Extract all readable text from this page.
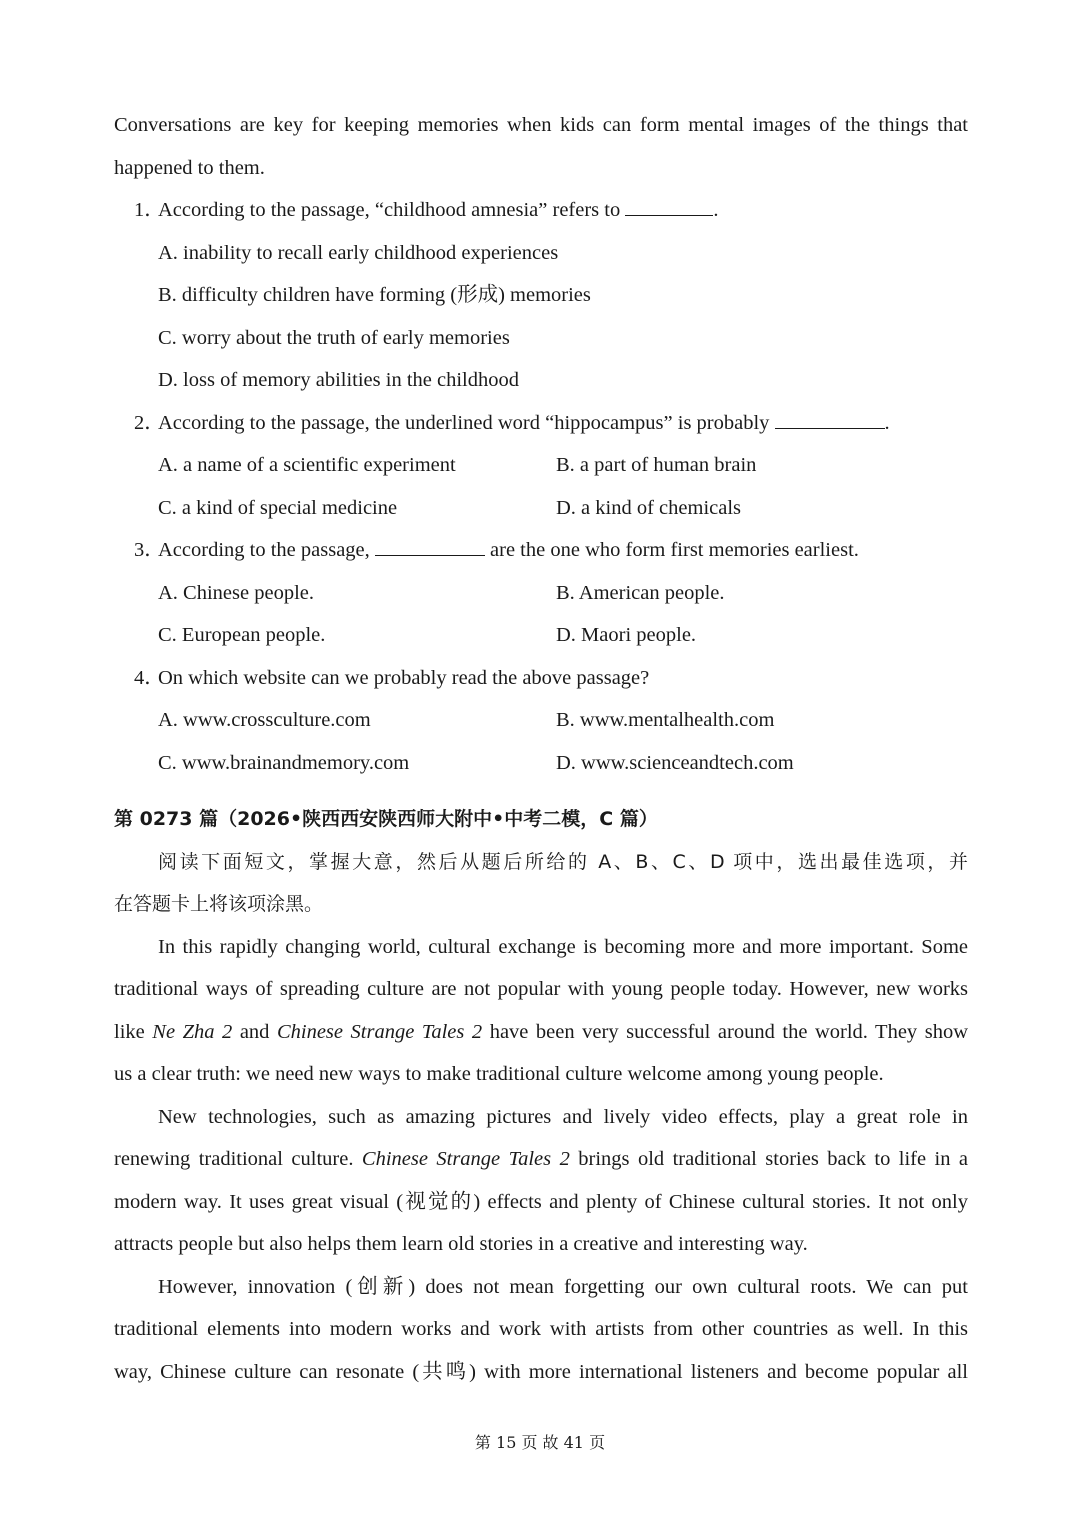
Conversations are key for keeping memories when kids can form mental images of the things that
happened to them.
1．
According to the passage, “childhood amnesia” refers to	.
A. inability to recall early childhood experiences
B. difficulty children have forming (形成) memories
C. worry about the truth of early memories
D. loss of memory abilities in the childhood
2．
According to the passage, the underlined word “hippocampus” is probably	.
A. a name of a scientific experiment	B. a part of human brain
C. a kind of special medicine	D. a kind of chemicals
3．
According to the passage,	are the one who form first memories earliest.
A. Chinese people.	B. American people.
C. European people.	D. Maori people.
4．
On which website can we probably read the above passage?
A. www.crossculture.com	B. www.mentalhealth.com
C. www.brainandmemory.com	D. www.scienceandtech.com
第 0273 篇（2026•陕西西安陕西师大附中•中考二模，C 篇）
阅读下面短文，掌握大意，然后从题后所给的 A、B、C、D 项中，选出最佳选项，并
在答题卡上将该项涂黑。
In this rapidly changing world, cultural exchange is becoming more and more important. Some
traditional ways of spreading culture are not popular with young people today. However, new works
like Ne Zha 2 and Chinese Strange Tales 2 have been very successful around the world. They show
us a clear truth: we need new ways to make traditional culture welcome among young people.
New technologies, such as amazing pictures and lively video effects, play a great role in
renewing traditional culture. Chinese Strange Tales 2 brings old traditional stories back to life in a
modern way. It uses great visual (视觉的) effects and plenty of Chinese cultural stories. It not only
attracts people but also helps them learn old stories in a creative and interesting way.
However, innovation (创新) does not mean forgetting our own cultural roots. We can put
traditional elements into modern works and work with artists from other countries as well. In this
way, Chinese culture can resonate (共鸣) with more international listeners and become popular all
第 15 页 故 41 页
